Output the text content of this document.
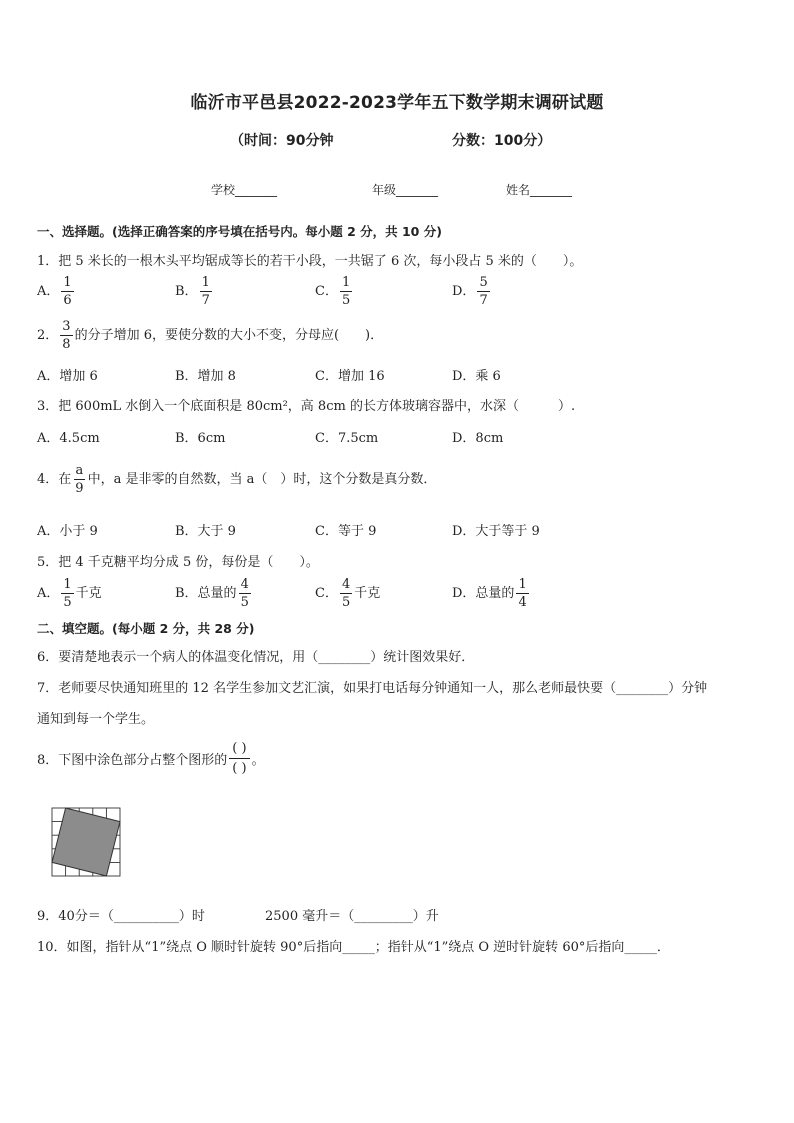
临沂市平邑县2022-2023学年五下数学期末调研试题
（时间：90分钟	分数：100分）
学校_______	年级_______	姓名_______
一、选择题。(选择正确答案的序号填在括号内。每小题 2 分，共 10 分)
1．把 5 米长的一根木头平均锯成等长的若干小段，一共锯了 6 次，每小段占 5 米的（　　）。
A． $\frac{1}{6}$	B． $\frac{1}{7}$	C． $\frac{1}{5}$	D． $\frac{5}{7}$
2． $\frac{3}{8}$ 的分子增加 6，要使分数的大小不变，分母应(　　)．
A．增加 6	B．增加 8	C．增加 16	D．乘 6
3．把 600mL 水倒入一个底面积是 80cm²，高 8cm 的长方体玻璃容器中，水深（　　　）.
A．4.5cm	B．6cm	C．7.5cm	D．8cm
4．在 $\frac{a}{9}$ 中，a 是非零的自然数，当 a（　）时，这个分数是真分数．
A．小于 9	B．大于 9	C．等于 9	D．大于等于 9
5．把 4 千克糖平均分成 5 份，每份是（　　）。
A． $\frac{1}{5}$ 千克	B．总量的 $\frac{4}{5}$	C． $\frac{4}{5}$ 千克	D．总量的 $\frac{1}{4}$
二、填空题。(每小题 2 分，共 28 分)
6．要清楚地表示一个病人的体温变化情况，用（________）统计图效果好．
7．老师要尽快通知班里的 12 名学生参加文艺汇演，如果打电话每分钟通知一人，那么老师最快要（________）分钟
通知到每一个学生。
8．下图中涂色部分占整个图形的 $\frac{( )}{( )}$ 。
9．40分＝（__________）时	2500 毫升＝（_________）升
10．如图，指针从“1”绕点 O 顺时针旋转 90°后指向_____；指针从“1”绕点 O 逆时针旋转 60°后指向_____．
